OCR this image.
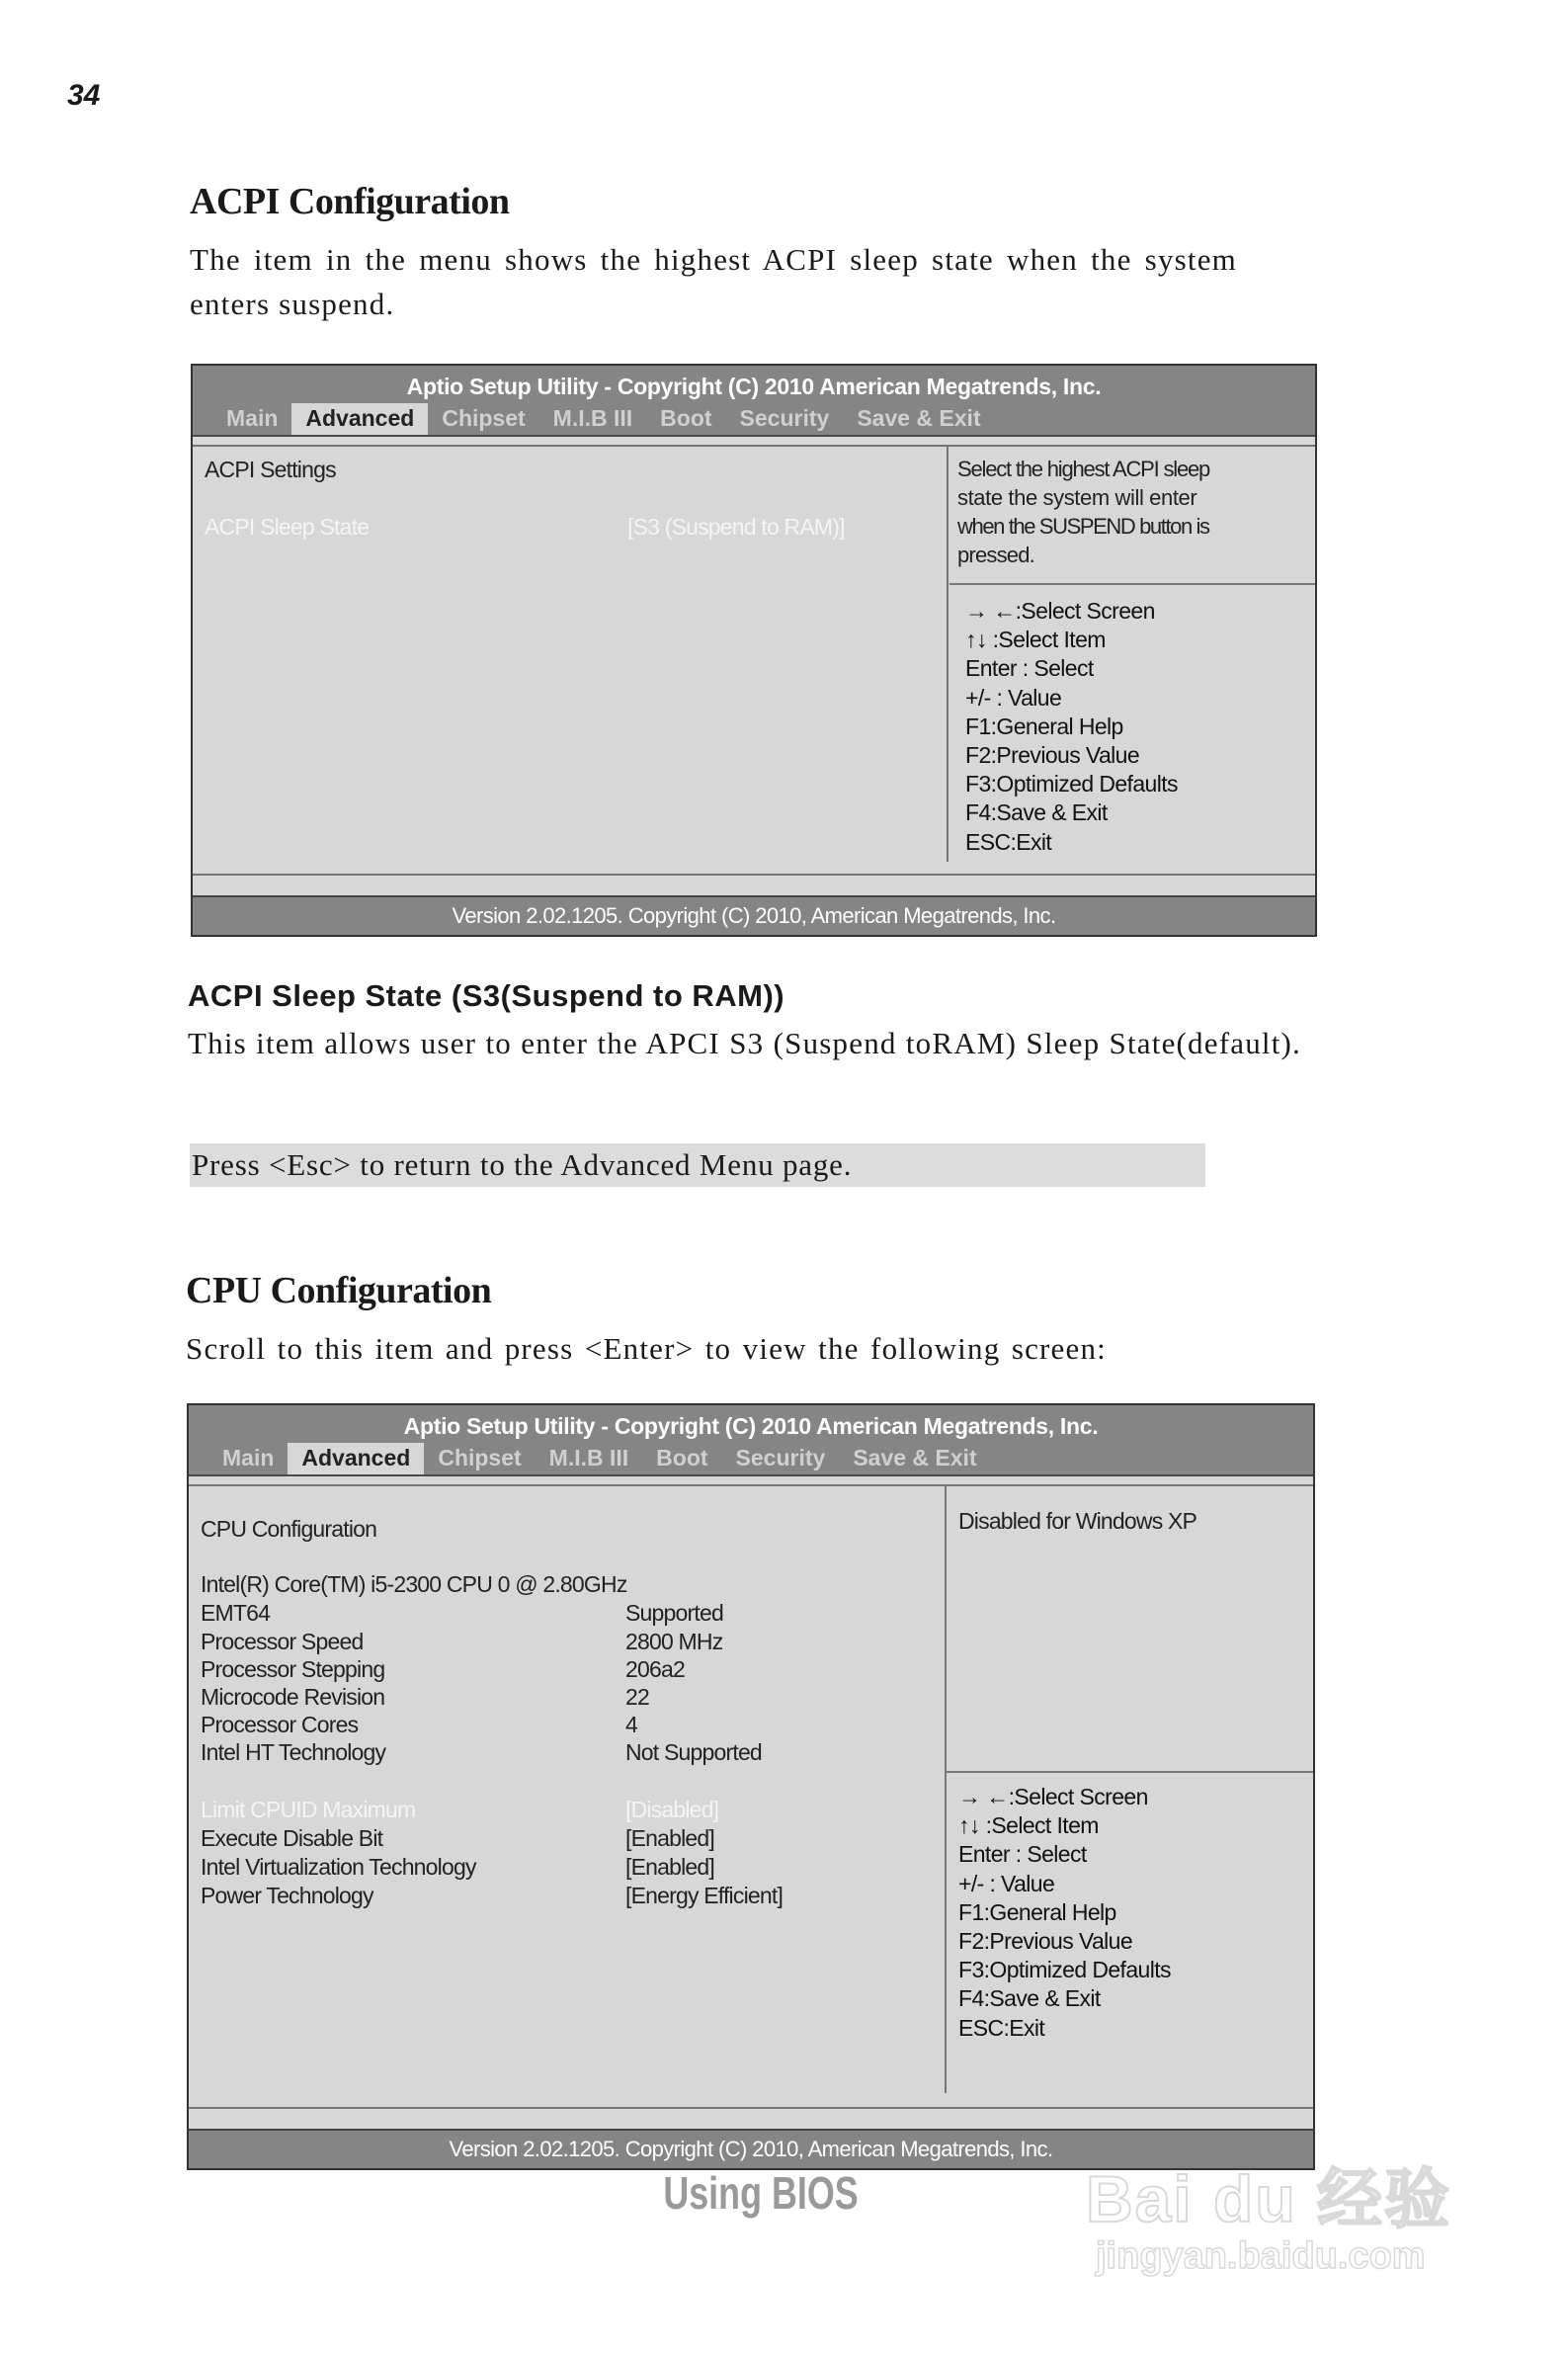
34
ACPI Configuration
The item in the menu shows the highest ACPI sleep state when the system
enters suspend.
Aptio Setup Utility - Copyright (C) 2010 American Megatrends, Inc.
Main	Advanced	Chipset	M.I.B III	Boot	Security	Save & Exit
ACPI Settings
ACPI Sleep State	[S3 (Suspend to RAM)]
Select the highest ACPI sleep
state the system will enter
when the SUSPEND button is
pressed.
→ ←:Select Screen
↑↓ :Select Item
Enter : Select
+/- : Value
F1:General Help
F2:Previous Value
F3:Optimized Defaults
F4:Save & Exit
ESC:Exit
Version 2.02.1205. Copyright (C) 2010, American Megatrends, Inc.
ACPI Sleep State (S3(Suspend to RAM))
This item allows user to enter the APCI S3 (Suspend toRAM) Sleep State(default).
Press <Esc> to return to the Advanced Menu page.
CPU Configuration
Scroll to this item and press <Enter> to view the following screen:
Aptio Setup Utility - Copyright (C) 2010 American Megatrends, Inc.
Main	Advanced	Chipset	M.I.B III	Boot	Security	Save & Exit
CPU Configuration
Intel(R) Core(TM) i5-2300 CPU 0 @ 2.80GHz
EMT64	Supported
Processor Speed	2800 MHz
Processor Stepping	206a2
Microcode Revision	22
Processor Cores	4
Intel HT Technology	Not Supported
Limit CPUID Maximum	[Disabled]
Execute Disable Bit	[Enabled]
Intel Virtualization Technology	[Enabled]
Power Technology	[Energy Efficient]
Disabled for Windows XP
→ ←:Select Screen
↑↓ :Select Item
Enter : Select
+/- : Value
F1:General Help
F2:Previous Value
F3:Optimized Defaults
F4:Save & Exit
ESC:Exit
Version 2.02.1205. Copyright (C) 2010, American Megatrends, Inc.
Using BIOS	Bai du 经验
jingyan.baidu.com
